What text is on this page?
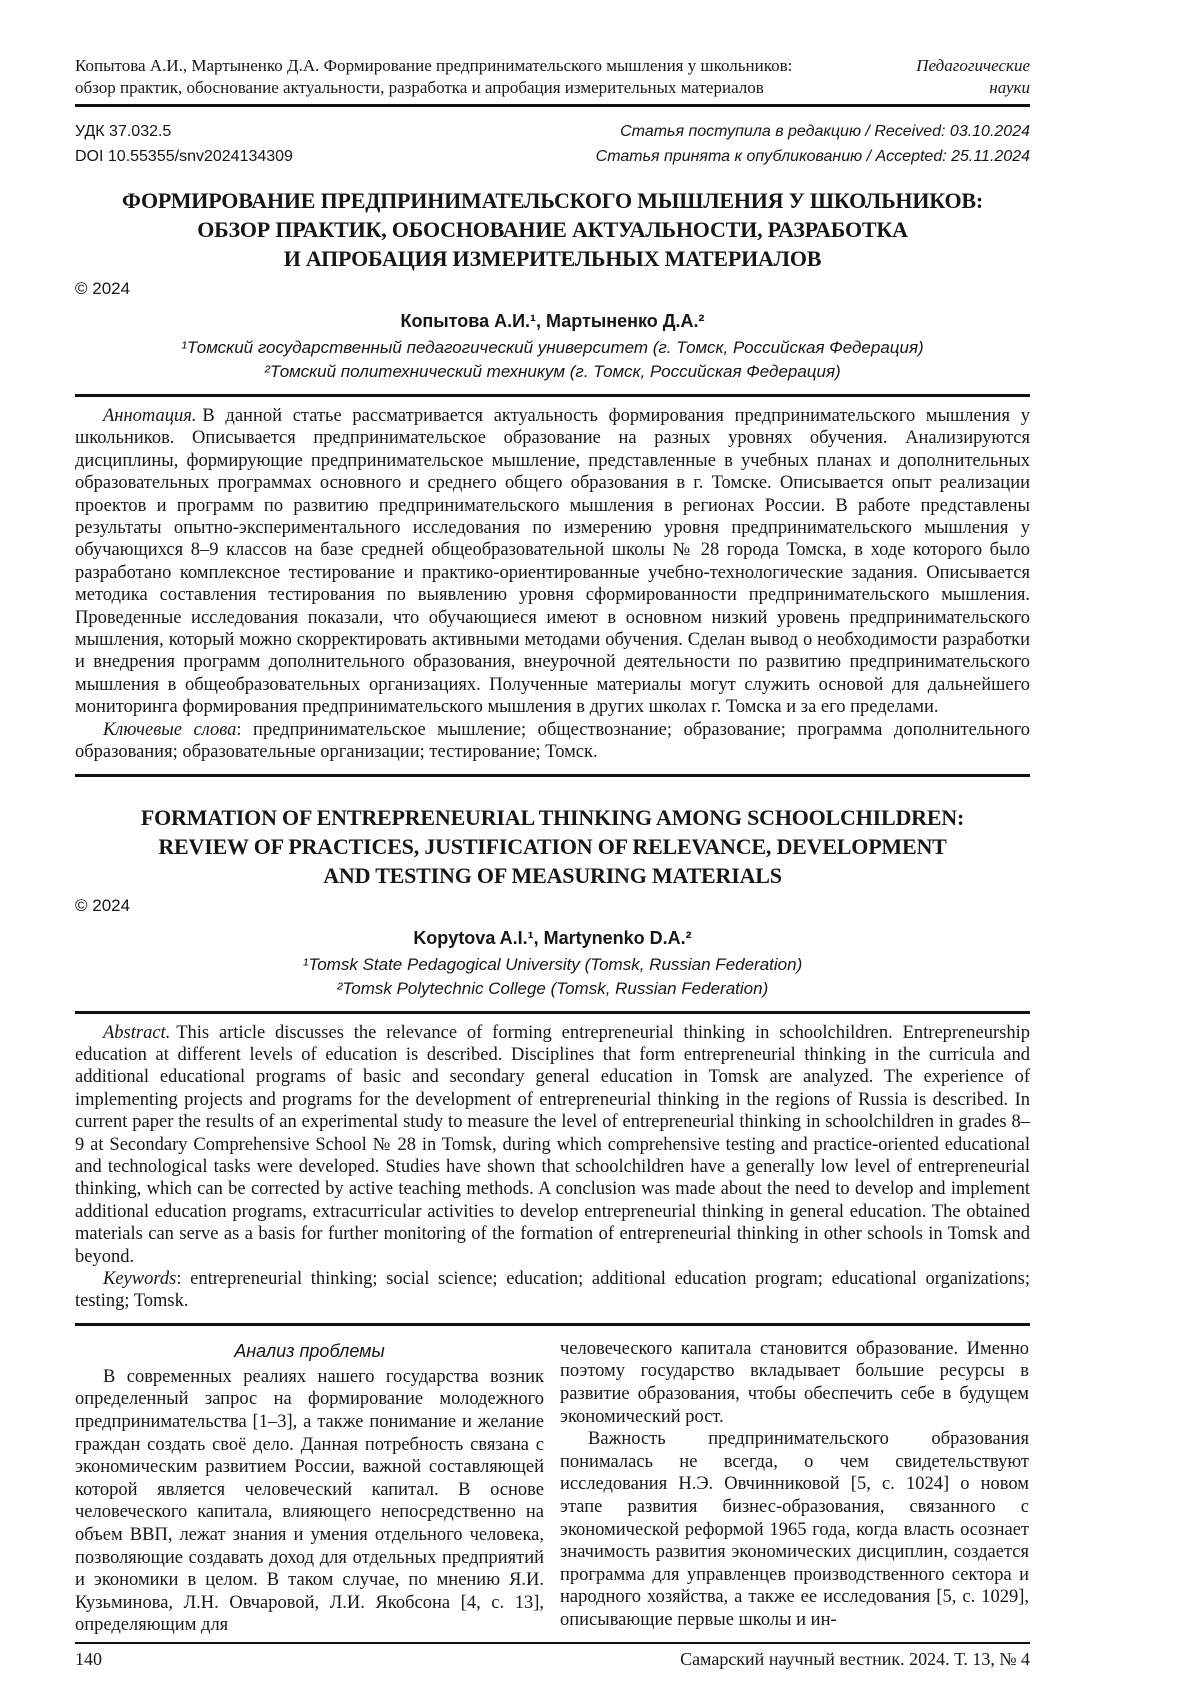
Копытова А.И., Мартыненко Д.А. Формирование предпринимательского мышления у школьников:
обзор практик, обоснование актуальности, разработка и апробация измерительных материалов
Педагогические
науки
УДК 37.032.5	Статья поступила в редакцию / Received: 03.10.2024
DOI 10.55355/snv2024134309	Статья принята к опубликованию / Accepted: 25.11.2024
ФОРМИРОВАНИЕ ПРЕДПРИНИМАТЕЛЬСКОГО МЫШЛЕНИЯ У ШКОЛЬНИКОВ:
ОБЗОР ПРАКТИК, ОБОСНОВАНИЕ АКТУАЛЬНОСТИ, РАЗРАБОТКА
И АПРОБАЦИЯ ИЗМЕРИТЕЛЬНЫХ МАТЕРИАЛОВ
© 2024
Копытова А.И.¹, Мартыненко Д.А.²
¹Томский государственный педагогический университет (г. Томск, Российская Федерация)
²Томский политехнический техникум (г. Томск, Российская Федерация)

Аннотация. В данной статье рассматривается актуальность формирования предпринимательского мышления у школьников. Описывается предпринимательское образование на разных уровнях обучения. Анализируются дисциплины, формирующие предпринимательское мышление, представленные в учебных планах и дополнительных образовательных программах основного и среднего общего образования в г. Томске. Описывается опыт реализации проектов и программ по развитию предпринимательского мышления в регионах России. В работе представлены результаты опытно-экспериментального исследования по измерению уровня предпринимательского мышления у обучающихся 8–9 классов на базе средней общеобразовательной школы № 28 города Томска, в ходе которого было разработано комплексное тестирование и практико-ориентированные учебно-технологические задания. Описывается методика составления тестирования по выявлению уровня сформированности предпринимательского мышления. Проведенные исследования показали, что обучающиеся имеют в основном низкий уровень предпринимательского мышления, который можно скорректировать активными методами обучения. Сделан вывод о необходимости разработки и внедрения программ дополнительного образования, внеурочной деятельности по развитию предпринимательского мышления в общеобразовательных организациях. Полученные материалы могут служить основой для дальнейшего мониторинга формирования предпринимательского мышления в других школах г. Томска и за его пределами.

Ключевые слова: предпринимательское мышление; обществознание; образование; программа дополнительного образования; образовательные организации; тестирование; Томск.

FORMATION OF ENTREPRENEURIAL THINKING AMONG SCHOOLCHILDREN:
REVIEW OF PRACTICES, JUSTIFICATION OF RELEVANCE, DEVELOPMENT
AND TESTING OF MEASURING MATERIALS
© 2024
Kopytova A.I.¹, Martynenko D.A.²
¹Tomsk State Pedagogical University (Tomsk, Russian Federation)
²Tomsk Polytechnic College (Tomsk, Russian Federation)

Abstract. This article discusses the relevance of forming entrepreneurial thinking in schoolchildren. Entrepreneurship education at different levels of education is described. Disciplines that form entrepreneurial thinking in the curricula and additional educational programs of basic and secondary general education in Tomsk are analyzed. The experience of implementing projects and programs for the development of entrepreneurial thinking in the regions of Russia is described. In current paper the results of an experimental study to measure the level of entrepreneurial thinking in schoolchildren in grades 8–9 at Secondary Comprehensive School № 28 in Tomsk, during which comprehensive testing and practice-oriented educational and technological tasks were developed. Studies have shown that schoolchildren have a generally low level of entrepreneurial thinking, which can be corrected by active teaching methods. A conclusion was made about the need to develop and implement additional education programs, extracurricular activities to develop entrepreneurial thinking in general education. The obtained materials can serve as a basis for further monitoring of the formation of entrepreneurial thinking in other schools in Tomsk and beyond.

Keywords: entrepreneurial thinking; social science; education; additional education program; educational organizations; testing; Tomsk.

Анализ проблемы

В современных реалиях нашего государства возник определенный запрос на формирование молодежного предпринимательства [1–3], а также понимание и желание граждан создать своё дело. Данная потребность связана с экономическим развитием России, важной составляющей которой является человеческий капитал. В основе человеческого капитала, влияющего непосредственно на объем ВВП, лежат знания и умения отдельного человека, позволяющие создавать доход для отдельных предприятий и экономики в целом. В таком случае, по мнению Я.И. Кузьминова, Л.Н. Овчаровой, Л.И. Якобсона [4, с. 13], определяющим для

человеческого капитала становится образование. Именно поэтому государство вкладывает большие ресурсы в развитие образования, чтобы обеспечить себе в будущем экономический рост.

Важность предпринимательского образования понималась не всегда, о чем свидетельствуют исследования Н.Э. Овчинниковой [5, с. 1024] о новом этапе развития бизнес-образования, связанного с экономической реформой 1965 года, когда власть осознает значимость развития экономических дисциплин, создается программа для управленцев производственного сектора и народного хозяйства, а также ее исследования [5, с. 1029], описывающие первые школы и ин-

140	Самарский научный вестник. 2024. Т. 13, № 4
